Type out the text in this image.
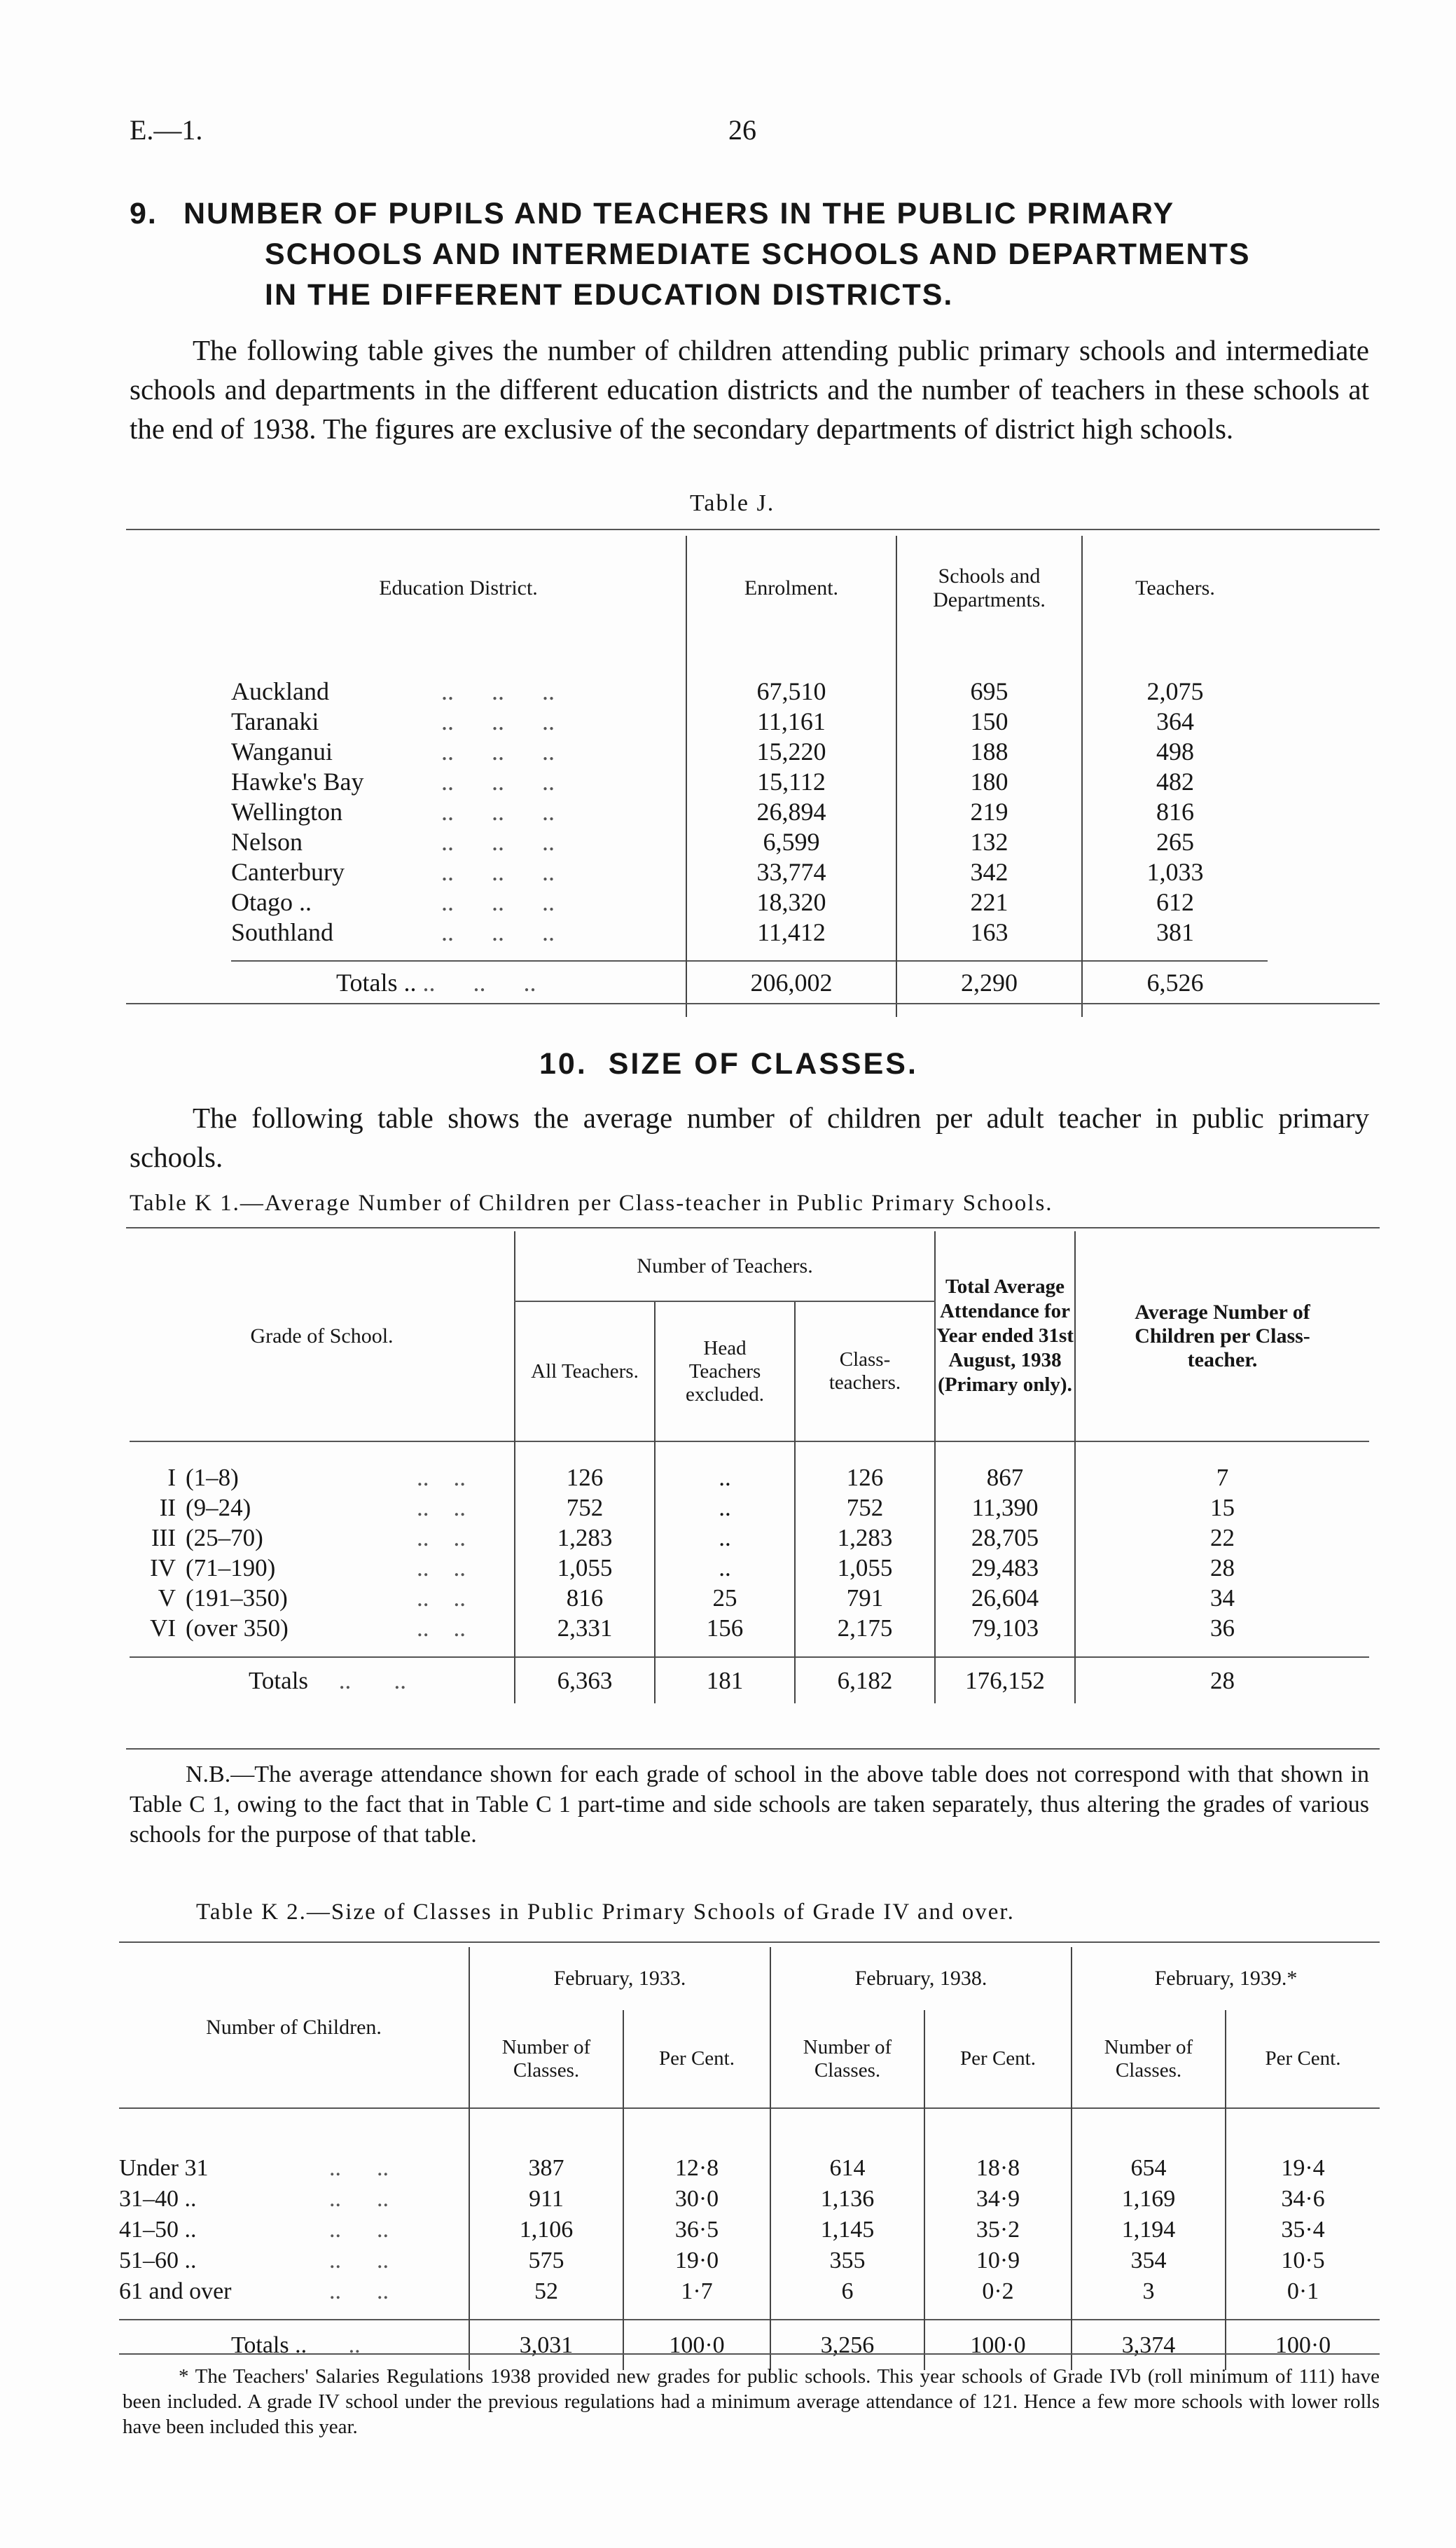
E.—1.	26
9. NUMBER OF PUPILS AND TEACHERS IN THE PUBLIC PRIMARY
SCHOOLS AND INTERMEDIATE SCHOOLS AND DEPARTMENTS
IN THE DIFFERENT EDUCATION DISTRICTS.
The following table gives the number of children attending public primary schools and intermediate schools and departments in the different education districts and the number of teachers in these schools at the end of 1938. The figures are exclusive of the secondary departments of district high schools.
Table J.
Education District.	Enrolment.	Schools and Departments.	Teachers.

Auckland ..      ..      ..	67,510	695	2,075
Taranaki ..      ..      ..	11,161	150	364
Wanganui ..      ..      ..	15,220	188	498
Hawke's Bay ..      ..      ..	15,112	180	482
Wellington ..      ..      ..	26,894	219	816
Nelson ..      ..      ..	6,599	132	265
Canterbury ..      ..      ..	33,774	342	1,033
Otago .. ..      ..      ..	18,320	221	612
Southland ..      ..      ..	11,412	163	381

Totals .. ..      ..      ..	206,002	2,290	6,526

10. SIZE OF CLASSES.
The following table shows the average number of children per adult teacher in public primary schools.
Table K 1.—Average Number of Children per Class-teacher in Public Primary Schools.
Grade of School.			Number of Teachers.			Total Average Attendance for Year ended 31st August, 1938 (Primary only).	Average Number of Children per Class-teacher.
			All Teachers.	Head Teachers excluded.	Class-teachers.		

I	(1–8)	..    ..	126	..	126	867	7
II	(9–24)	..    ..	752	..	752	11,390	15
III	(25–70)	..    ..	1,283	..	1,283	28,705	22
IV	(71–190)	..    ..	1,055	..	1,055	29,483	28
V	(191–350)	..    ..	816	25	791	26,604	34
VI	(over 350)	..    ..	2,331	156	2,175	79,103	36

Totals ..       ..			6,363	181	6,182	176,152	28
N.B.—The average attendance shown for each grade of school in the above table does not correspond with that shown in Table C 1, owing to the fact that in Table C 1 part-time and side schools are taken separately, thus altering the grades of various schools for the purpose of that table.
Table K 2.—Size of Classes in Public Primary Schools of Grade IV and over.
Number of Children.	February, 1933.		February, 1938.		February, 1939.*	
	Number of Classes.	Per Cent.	Number of Classes.	Per Cent.	Number of Classes.	Per Cent.

Under 31 ..      ..	387	12·8	614	18·8	654	19·4
31–40 .. ..      ..	911	30·0	1,136	34·9	1,169	34·6
41–50 .. ..      ..	1,106	36·5	1,145	35·2	1,194	35·4
51–60 .. ..      ..	575	19·0	355	10·9	354	10·5
61 and over ..      ..	52	1·7	6	0·2	3	0·1

Totals .. ..	3,031	100·0	3,256	100·0	3,374	100·0
* The Teachers' Salaries Regulations 1938 provided new grades for public schools. This year schools of Grade IVb (roll minimum of 111) have been included. A grade IV school under the previous regulations had a minimum average attendance of 121. Hence a few more schools with lower rolls have been included this year.
